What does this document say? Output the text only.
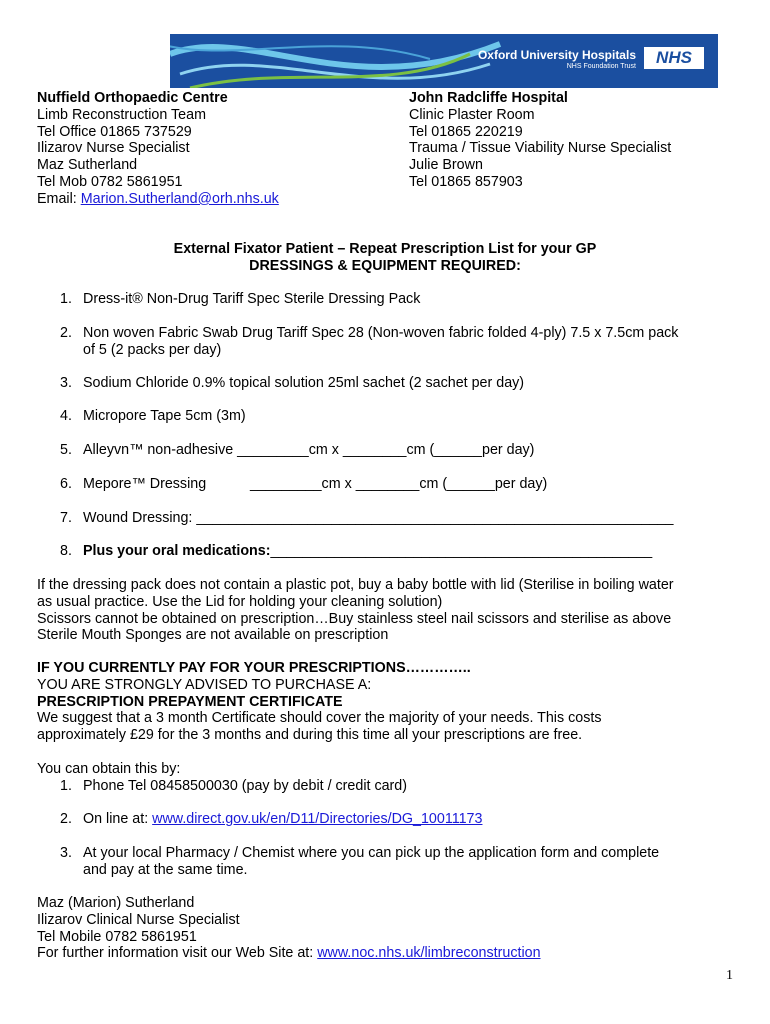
Oxford University Hospitals
NHS Foundation Trust	NHS
Nuffield Orthopaedic Centre
Limb Reconstruction Team
Tel Office 01865 737529
Ilizarov Nurse Specialist
Maz Sutherland
Tel Mob 0782 5861951
Email: Marion.Sutherland@orh.nhs.uk
John Radcliffe Hospital
Clinic Plaster Room
Tel 01865 220219
Trauma / Tissue Viability Nurse Specialist
Julie Brown
Tel 01865 857903
External Fixator Patient – Repeat Prescription List for your GP
DRESSINGS & EQUIPMENT REQUIRED:
1. Dress-it® Non-Drug Tariff Spec Sterile Dressing Pack
2. Non woven Fabric Swab Drug Tariff Spec 28 (Non-woven fabric folded 4-ply) 7.5 x 7.5cm pack
of 5 (2 packs per day)
3. Sodium Chloride 0.9% topical solution 25ml sachet (2 sachet per day)
4. Micropore Tape 5cm (3m)
5. Alleyvn™ non-adhesive _________cm x ________cm (______per day)
6. Mepore™ Dressing	_________cm x ________cm (______per day)
7. Wound Dressing: ____________________________________________________________
8. Plus your oral medications:________________________________________________
If the dressing pack does not contain a plastic pot, buy a baby bottle with lid (Sterilise in boiling water
as usual practice. Use the Lid for holding your cleaning solution)
Scissors cannot be obtained on prescription…Buy stainless steel nail scissors and sterilise as above
Sterile Mouth Sponges are not available on prescription
IF YOU CURRENTLY PAY FOR YOUR PRESCRIPTIONS…………..
YOU ARE STRONGLY ADVISED TO PURCHASE A:
PRESCRIPTION PREPAYMENT CERTIFICATE
We suggest that a 3 month Certificate should cover the majority of your needs. This costs
approximately £29 for the 3 months and during this time all your prescriptions are free.
You can obtain this by:
1. Phone Tel 08458500030 (pay by debit / credit card)
2. On line at: www.direct.gov.uk/en/D11/Directories/DG_10011173
3. At your local Pharmacy / Chemist where you can pick up the application form and complete
and pay at the same time.
Maz (Marion) Sutherland
Ilizarov Clinical Nurse Specialist
Tel Mobile 0782 5861951
For further information visit our Web Site at: www.noc.nhs.uk/limbreconstruction
1
